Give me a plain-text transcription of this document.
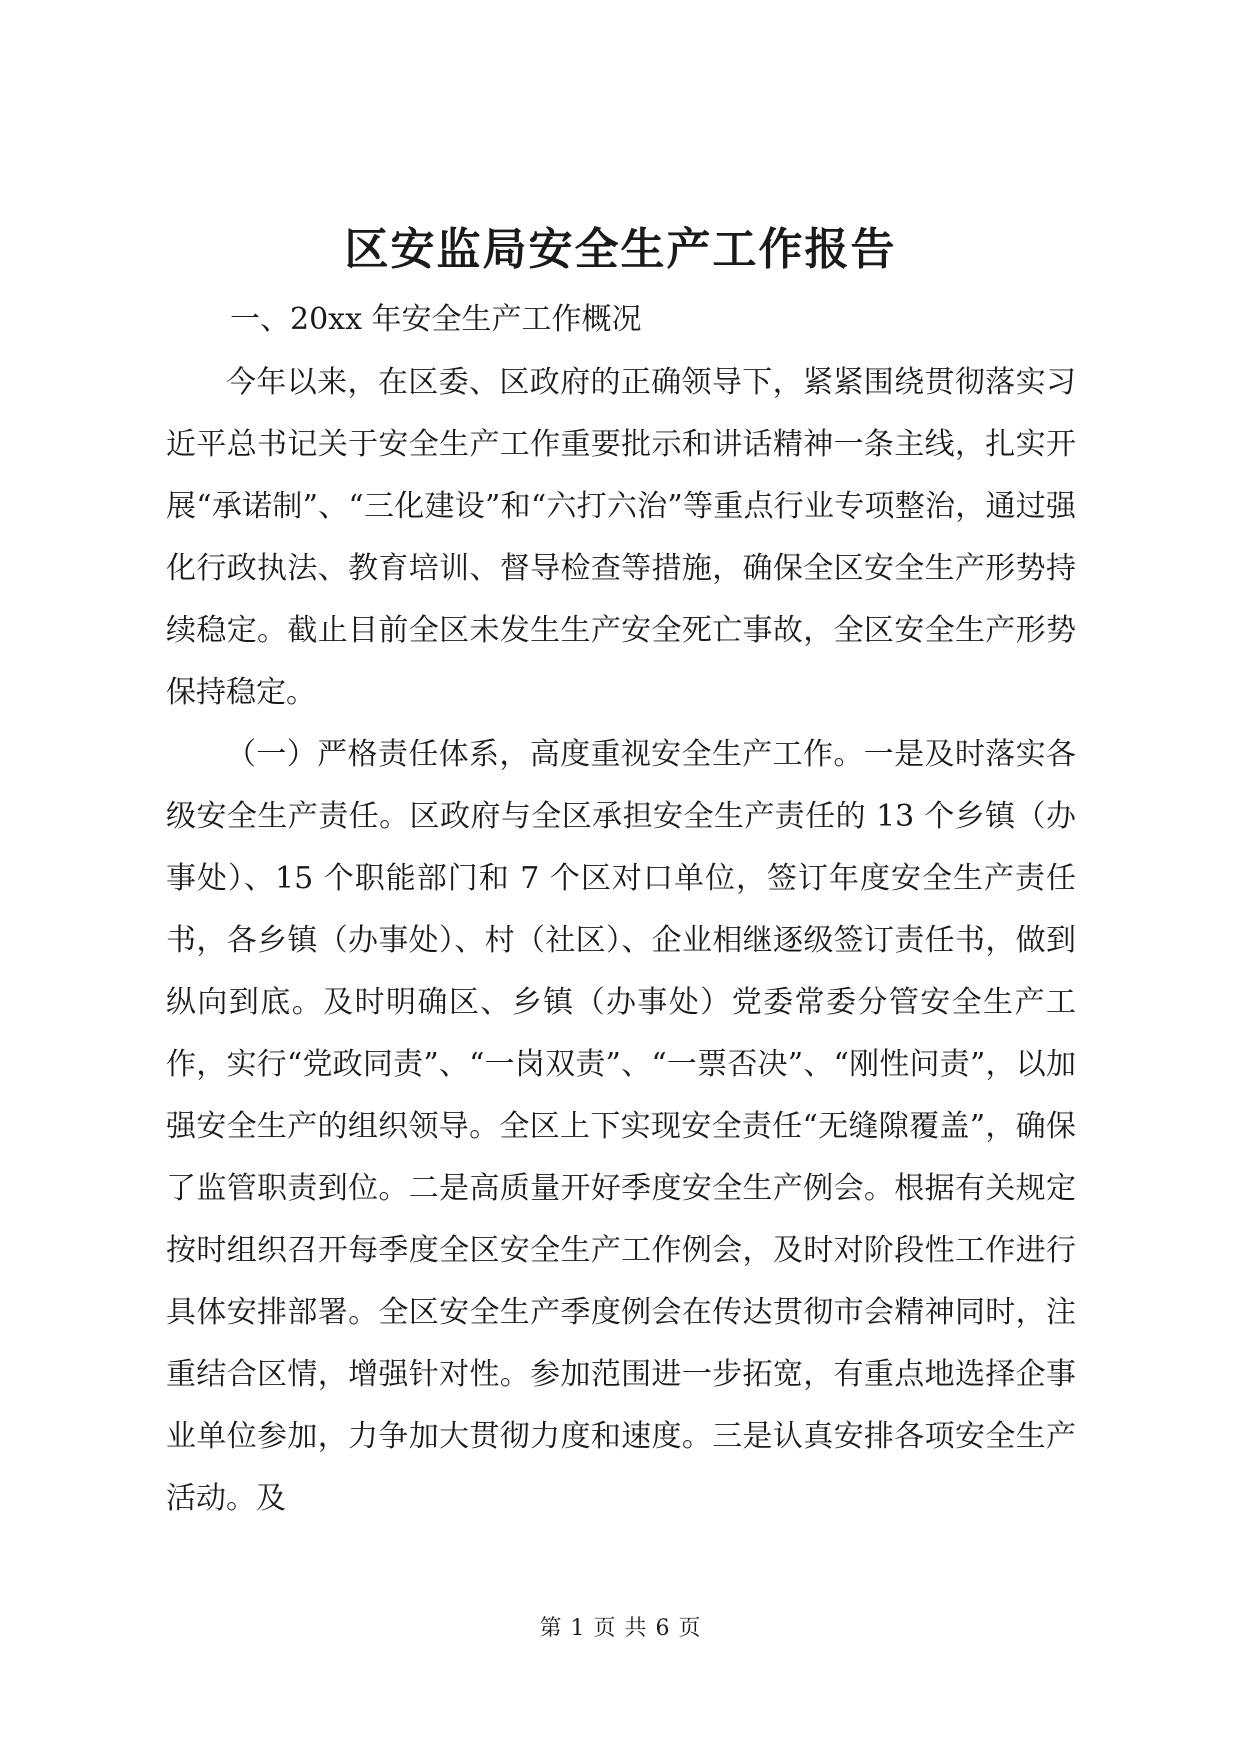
区安监局安全生产工作报告
一、20xx 年安全生产工作概况

今年以来，在区委、区政府的正确领导下，紧紧围绕贯彻落实习近平总书记关于安全生产工作重要批示和讲话精神一条主线，扎实开展“承诺制”、“三化建设”和“六打六治”等重点行业专项整治，通过强化行政执法、教育培训、督导检查等措施，确保全区安全生产形势持续稳定。截止目前全区未发生生产安全死亡事故，全区安全生产形势保持稳定。

（一）严格责任体系，高度重视安全生产工作。一是及时落实各级安全生产责任。区政府与全区承担安全生产责任的 13 个乡镇（办事处）、15 个职能部门和 7 个区对口单位，签订年度安全生产责任书，各乡镇（办事处）、村（社区）、企业相继逐级签订责任书，做到纵向到底。及时明确区、乡镇（办事处）党委常委分管安全生产工作，实行“党政同责”、“一岗双责”、“一票否决”、“刚性问责”，以加强安全生产的组织领导。全区上下实现安全责任“无缝隙覆盖”，确保了监管职责到位。二是高质量开好季度安全生产例会。根据有关规定按时组织召开每季度全区安全生产工作例会，及时对阶段性工作进行具体安排部署。全区安全生产季度例会在传达贯彻市会精神同时，注重结合区情，增强针对性。参加范围进一步拓宽，有重点地选择企事业单位参加，力争加大贯彻力度和速度。三是认真安排各项安全生产活动。及

第 1 页 共 6 页
